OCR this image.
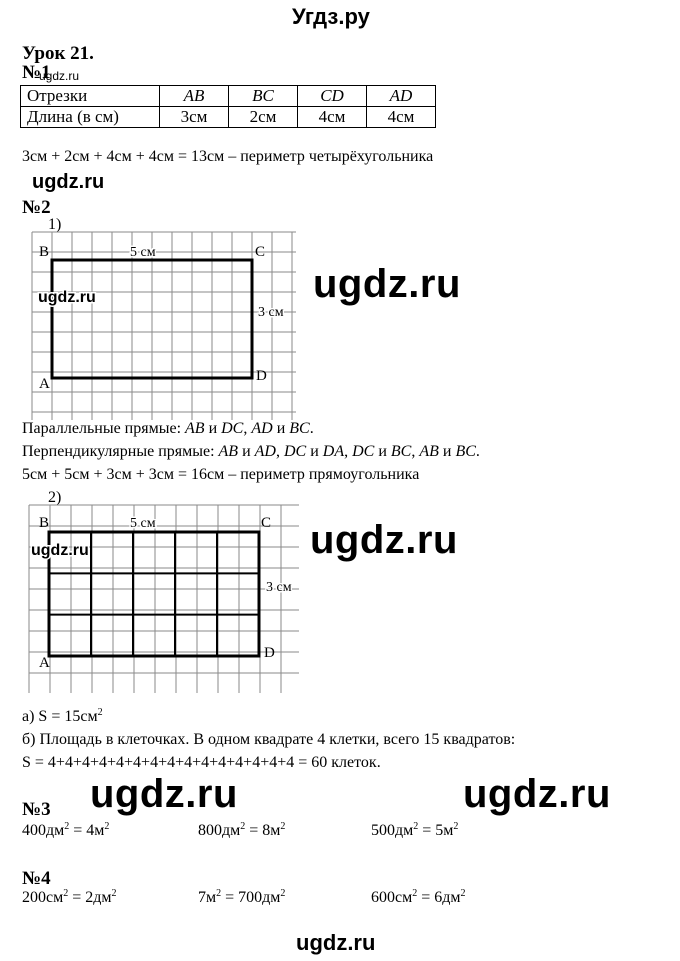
Угдз.ру
Урок 21.
№1
ugdz.ru
Отрезки	AB	BC	CD	AD
Длина (в см)	3см	2см	4см	4см
3см + 2см + 4см + 4см = 13см – периметр четырёхугольника
ugdz.ru
№2
1)
B	C
A	D
5 см
3 см
ugdz.ru	ugdz.ru
Параллельные прямые: AB и DC, AD и BC.
Перпендикулярные прямые: AB и AD, DC и DA, DC и BC, AB и BC.
5см + 5см + 3см + 3см = 16см – периметр прямоугольника
2)
B	C
A
D
5 см
3 см
ugdz.ru	ugdz.ru
а) $S = 15см^2$
б) Площадь в клеточках. В одном квадрате 4 клетки, всего 15 квадратов:
S = 4+4+4+4+4+4+4+4+4+4+4+4+4+4+4 = 60 клеток.
ugdz.ru	ugdz.ru
№3
$400дм^2 = 4м^2$	$800дм^2 = 8м^2$	$500дм^2 = 5м^2$
№4
$200см^2 = 2дм^2$	$7м^2 = 700дм^2$	$600см^2 = 6дм^2$
ugdz.ru
